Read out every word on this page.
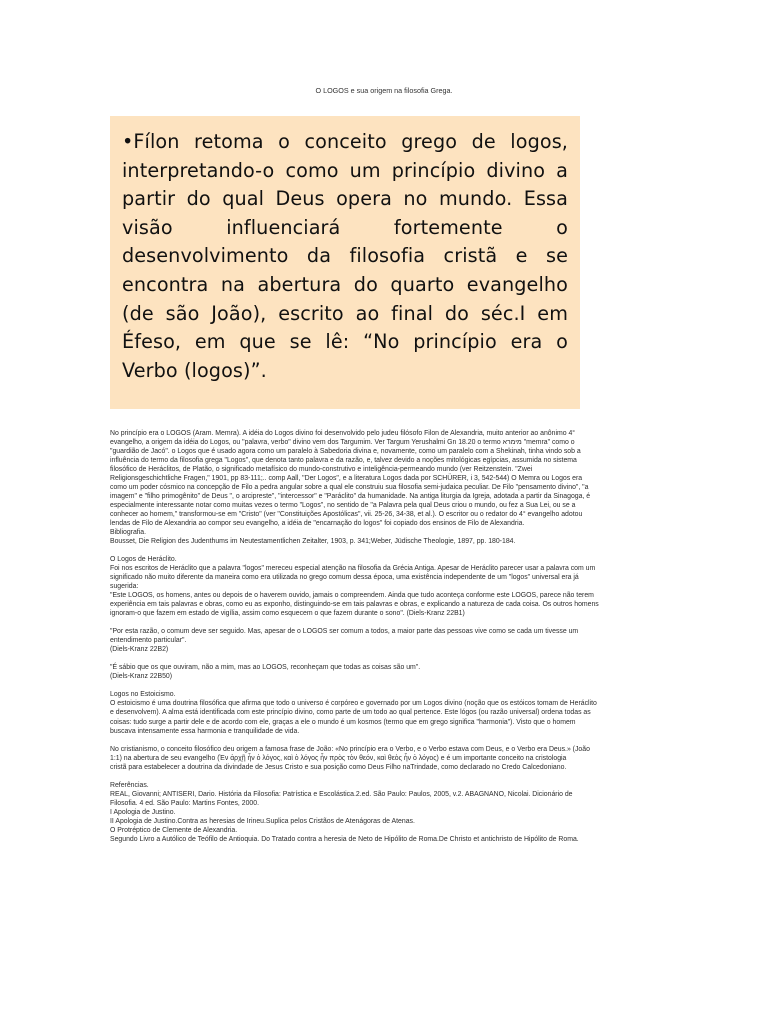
O LOGOS e sua origem na filosofia Grega.

•Fílon retoma o conceito grego de logos, interpretando-o como um princípio divino a partir do qual Deus opera no mundo. Essa visão influenciará fortemente o desenvolvimento da filosofia cristã e se encontra na abertura do quarto evangelho (de são João), escrito ao final do séc.I em Éfeso, em que se lê: “No princípio era o Verbo (logos)”.

No princípio era o LOGOS (Aram. Memra). A idéia do Logos divino foi desenvolvido pelo judeu filósofo Filon de Alexandria, muito anterior ao anônimo 4°
evangelho, a origem da idéia do Logos, ou "palavra, verbo" divino vem dos Targumim. Ver Targum Yerushalmi Gn 18.20 o termo מימרא "memra" como o
"guardião de Jacó". o Logos que é usado agora como um paralelo à Sabedoria divina e, novamente, como um paralelo com a Shekinah, tinha vindo sob a
influência do termo da filosofia grega "Logos", que denota tanto palavra e da razão, e, talvez devido a noções mitológicas egípcias, assumida no sistema
filosófico de Heráclitos, de Platão, o significado metafísico do mundo-construtivo e inteligência-permeando mundo (ver Reitzenstein. "Zwei
Religionsgeschichtliche Fragen," 1901, pp 83-111;.. comp Aall, "Der Logos", e a literatura Logos dada por SCHÜRER, i 3, 542-544) O Memra ou Logos era
como um poder cósmico na concepção de Filo a pedra angular sobre a qual ele construiu sua filosofia semi-judaica peculiar. De Filo "pensamento divino", "a
imagem" e "filho primogênito" de Deus ", o arcipreste", "intercessor" e "Paráclito" da humanidade. Na antiga liturgia da Igreja, adotada a partir da Sinagoga, é
especialmente interessante notar como muitas vezes o termo "Logos", no sentido de "a Palavra pela qual Deus criou o mundo, ou fez a Sua Lei, ou se a
conhecer ao homem," transformou-se em "Cristo" (ver "Constituições Apostólicas", vii. 25-26, 34-38, et al.). O escritor ou o redator do 4° evangelho adotou
lendas de Filo de Alexandria ao compor seu evangelho, a idéia de "encarnação do logos" foi copiado dos ensinos de Filo de Alexandria.
Bibliografia.
Bousset, Die Religion des Judenthums im Neutestamentlichen Zeitalter, 1903, p. 341;Weber, Jüdische Theologie, 1897, pp. 180-184.
O Logos de Heráclito.
Foi nos escritos de Heráclito que a palavra "logos" mereceu especial atenção na filosofia da Grécia Antiga. Apesar de Heráclito parecer usar a palavra com um
significado não muito diferente da maneira como era utilizada no grego comum dessa época, uma existência independente de um "logos" universal era já
sugerida:
"Este LOGOS, os homens, antes ou depois de o haverem ouvido, jamais o compreendem. Ainda que tudo aconteça conforme este LOGOS, parece não terem
experiência em tais palavras e obras, como eu as exponho, distinguindo-se em tais palavras e obras, e explicando a natureza de cada coisa. Os outros homens
ignoram-o que fazem em estado de vigília, assim como esquecem o que fazem durante o sono". (Diels-Kranz 22B1)
"Por esta razão, o comum deve ser seguido. Mas, apesar de o LOGOS ser comum a todos, a maior parte das pessoas vive como se cada um tivesse um
entendimento particular".
(Diels-Kranz 22B2)
"É sábio que os que ouviram, não a mim, mas ao LOGOS, reconheçam que todas as coisas são um".
(Diels-Kranz 22B50)
Logos no Estoicismo.
O estoicismo é uma doutrina filosófica que afirma que todo o universo é corpóreo e governado por um Logos divino (noção que os estóicos tomam de Heráclito
e desenvolvem). A alma está identificada com este princípio divino, como parte de um todo ao qual pertence. Este lógos (ou razão universal) ordena todas as
coisas: tudo surge a partir dele e de acordo com ele, graças a ele o mundo é um kosmos (termo que em grego significa "harmonia"). Visto que o homem
buscava intensamente essa harmonia e tranquilidade de vida.
No cristianismo, o conceito filosófico deu origem a famosa frase de João: «No princípio era o Verbo, e o Verbo estava com Deus, e o Verbo era Deus.» (João
1:1) na abertura de seu evangelho (Ἐν ἀρχῇ ἦν ὁ λόγος, καὶ ὁ λόγος ἦν πρὸς τὸν θεόν, καὶ θεὸς ἦν ὁ λόγος) e é um importante conceito na cristologia
cristã para estabelecer a doutrina da divindade de Jesus Cristo e sua posição como Deus Filho naTrindade, como declarado no Credo Calcedoniano.
Referências.
REAL, Giovanni; ANTISERI, Dario. História da Filosofia: Patrística e Escolástica.2.ed. São Paulo: Paulos, 2005, v.2. ABAGNANO, Nicolai. Dicionário de
Filosofia. 4 ed. São Paulo: Martins Fontes, 2000.
I Apologia de Justino.
II Apologia de Justino.Contra as heresias de Irineu.Suplica pelos Cristãos de Atenágoras de Atenas.
O Protréptico de Clemente de Alexandria.
Segundo Livro a Autólico de Teófilo de Antioquia. Do Tratado contra a heresia de Neto de Hipólito de Roma.De Christo et antichristo de Hipólito de Roma.
